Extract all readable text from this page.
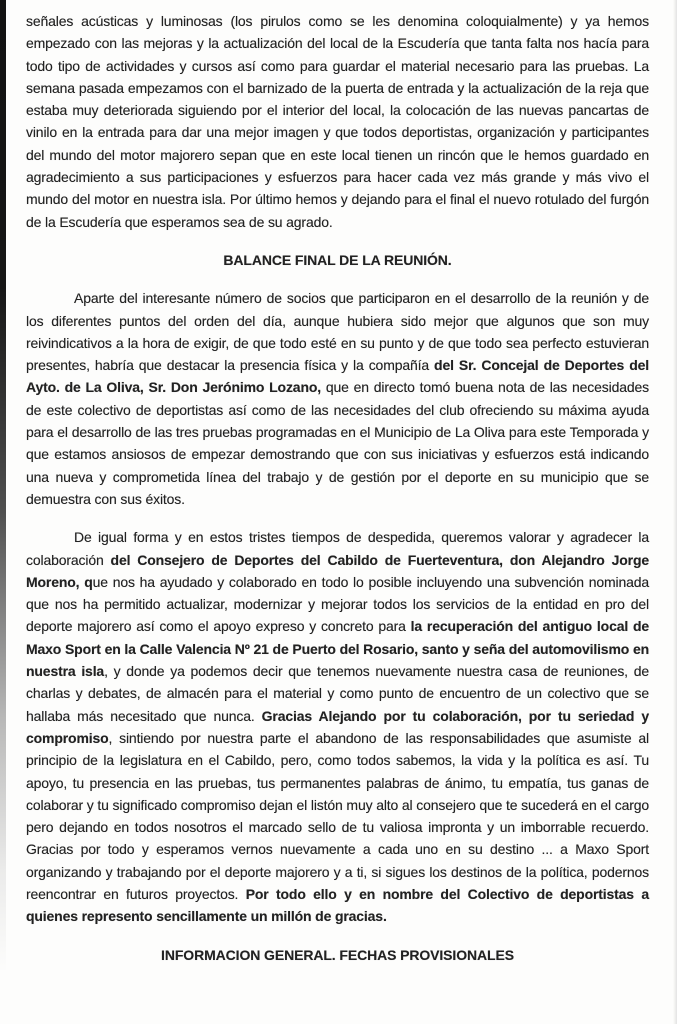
señales acústicas y luminosas (los pirulos como se les denomina coloquialmente) y ya hemos empezado con las mejoras y la actualización del local de la Escudería que tanta falta nos hacía para todo tipo de actividades y cursos así como para guardar el material necesario para las pruebas. La semana pasada empezamos con el barnizado de la puerta de entrada y la actualización de la reja que estaba muy deteriorada siguiendo por el interior del local, la colocación de las nuevas pancartas de vinilo en la entrada para dar una mejor imagen y que todos deportistas, organización y participantes del mundo del motor majorero sepan que en este local tienen un rincón que le hemos guardado en agradecimiento a sus participaciones y esfuerzos para hacer cada vez más grande y más vivo el mundo del motor en nuestra isla. Por último hemos y dejando para el final el nuevo rotulado del furgón de la Escudería que esperamos sea de su agrado.

BALANCE FINAL DE LA REUNIÓN.

Aparte del interesante número de socios que participaron en el desarrollo de la reunión y de los diferentes puntos del orden del día, aunque hubiera sido mejor que algunos que son muy reivindicativos a la hora de exigir, de que todo esté en su punto y de que todo sea perfecto estuvieran presentes, habría que destacar la presencia física y la compañía del Sr. Concejal de Deportes del Ayto. de La Oliva, Sr. Don Jerónimo Lozano, que en directo tomó buena nota de las necesidades de este colectivo de deportistas así como de las necesidades del club ofreciendo su máxima ayuda para el desarrollo de las tres pruebas programadas en el Municipio de La Oliva para este Temporada y que estamos ansiosos de empezar demostrando que con sus iniciativas y esfuerzos está indicando una nueva y comprometida línea del trabajo y de gestión por el deporte en su municipio que se demuestra con sus éxitos.

De igual forma y en estos tristes tiempos de despedida, queremos valorar y agradecer la colaboración del Consejero de Deportes del Cabildo de Fuerteventura, don Alejandro Jorge Moreno, que nos ha ayudado y colaborado en todo lo posible incluyendo una subvención nominada que nos ha permitido actualizar, modernizar y mejorar todos los servicios de la entidad en pro del deporte majorero así como el apoyo expreso y concreto para la recuperación del antiguo local de Maxo Sport en la Calle Valencia Nº 21 de Puerto del Rosario, santo y seña del automovilismo en nuestra isla, y donde ya podemos decir que tenemos nuevamente nuestra casa de reuniones, de charlas y debates, de almacén para el material y como punto de encuentro de un colectivo que se hallaba más necesitado que nunca. Gracias Alejando por tu colaboración, por tu seriedad y compromiso, sintiendo por nuestra parte el abandono de las responsabilidades que asumiste al principio de la legislatura en el Cabildo, pero, como todos sabemos, la vida y la política es así. Tu apoyo, tu presencia en las pruebas, tus permanentes palabras de ánimo, tu empatía, tus ganas de colaborar y tu significado compromiso dejan el listón muy alto al consejero que te sucederá en el cargo pero dejando en todos nosotros el marcado sello de tu valiosa impronta y un imborrable recuerdo. Gracias por todo y esperamos vernos nuevamente a cada uno en su destino ... a Maxo Sport organizando y trabajando por el deporte majorero y a ti, si sigues los destinos de la política, podernos reencontrar en futuros proyectos. Por todo ello y en nombre del Colectivo de deportistas a quienes represento sencillamente un millón de gracias.

INFORMACION GENERAL. FECHAS PROVISIONALES
